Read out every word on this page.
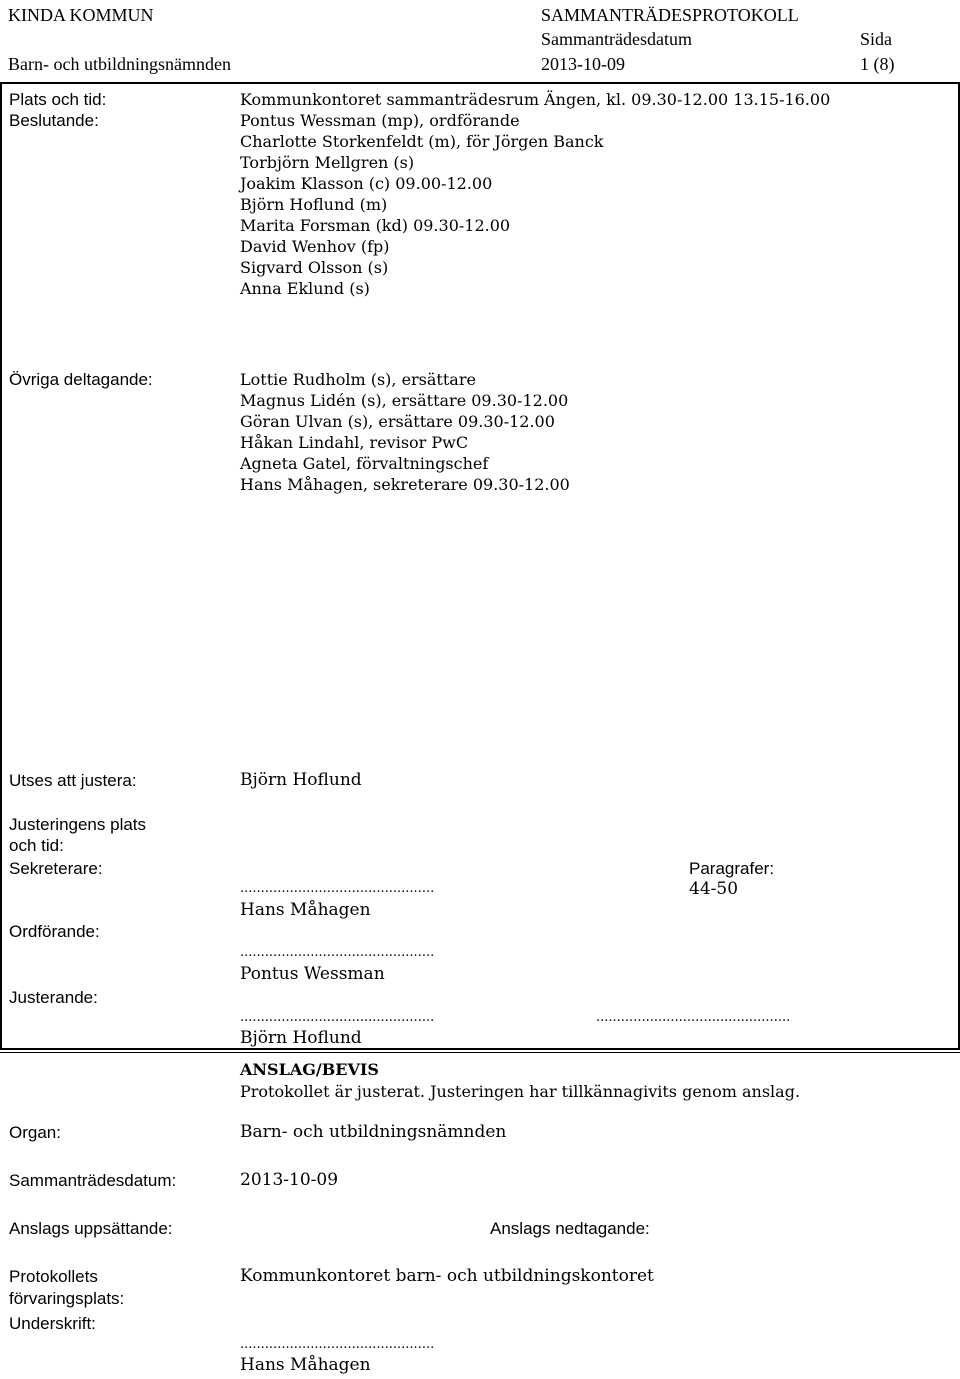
KINDA KOMMUN	SAMMANTRÄDESPROTOKOLL
Sammanträdesdatum	Sida
Barn- och utbildningsnämnden	2013-10-09	1 (8)
Plats och tid:	Kommunkontoret sammanträdesrum Ängen, kl. 09.30-12.00 13.15-16.00
Beslutande:	Pontus Wessman (mp), ordförande
Charlotte Storkenfeldt (m), för Jörgen Banck
Torbjörn Mellgren (s)
Joakim Klasson (c) 09.00-12.00
Björn Hoflund (m)
Marita Forsman (kd) 09.30-12.00
David Wenhov (fp)
Sigvard Olsson (s)
Anna Eklund (s)
Övriga deltagande:	Lottie Rudholm (s), ersättare
Magnus Lidén (s), ersättare 09.30-12.00
Göran Ulvan (s), ersättare 09.30-12.00
Håkan Lindahl, revisor PwC
Agneta Gatel, förvaltningschef
Hans Måhagen, sekreterare 09.30-12.00
Utses att justera:	Björn Hoflund
Justeringens plats
och tid:
Sekreterare:	Paragrafer:
...............................................	44-50
Hans Måhagen
Ordförande:
...............................................
Pontus Wessman
Justerande:
...............................................	...............................................
Björn Hoflund
ANSLAG/BEVIS
Protokollet är justerat. Justeringen har tillkännagivits genom anslag.
Organ:	Barn- och utbildningsnämnden
Sammanträdesdatum:	2013-10-09
Anslags uppsättande:	Anslags nedtagande:
Protokollets	Kommunkontoret barn- och utbildningskontoret
förvaringsplats:
Underskrift:
...............................................
Hans Måhagen
